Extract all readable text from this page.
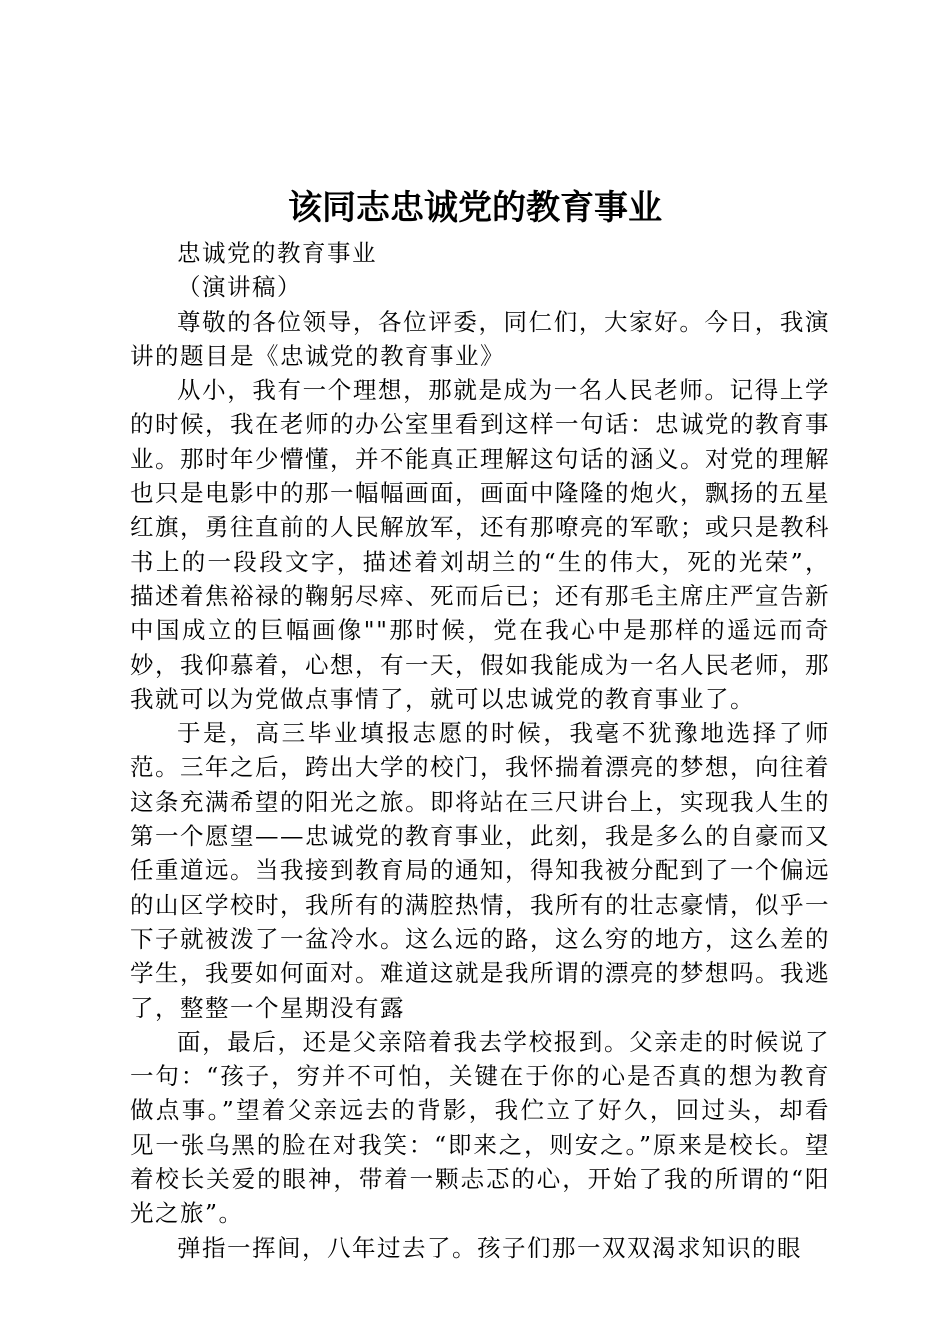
该同志忠诚党的教育事业

忠诚党的教育事业

（演讲稿）

尊敬的各位领导，各位评委，同仁们，大家好。今日，我演讲的题目是《忠诚党的教育事业》

从小，我有一个理想，那就是成为一名人民老师。记得上学的时候，我在老师的办公室里看到这样一句话：忠诚党的教育事业。那时年少懵懂，并不能真正理解这句话的涵义。对党的理解也只是电影中的那一幅幅画面，画面中隆隆的炮火，飘扬的五星红旗，勇往直前的人民解放军，还有那嘹亮的军歌；或只是教科书上的一段段文字，描述着刘胡兰的“生的伟大，死的光荣”，描述着焦裕禄的鞠躬尽瘁、死而后已；还有那毛主席庄严宣告新中国成立的巨幅画像""那时候，党在我心中是那样的遥远而奇妙，我仰慕着，心想，有一天，假如我能成为一名人民老师，那我就可以为党做点事情了，就可以忠诚党的教育事业了。

于是，高三毕业填报志愿的时候，我毫不犹豫地选择了师范。三年之后，跨出大学的校门，我怀揣着漂亮的梦想，向往着这条充满希望的阳光之旅。即将站在三尺讲台上，实现我人生的第一个愿望——忠诚党的教育事业，此刻，我是多么的自豪而又任重道远。当我接到教育局的通知，得知我被分配到了一个偏远的山区学校时，我所有的满腔热情，我所有的壮志豪情，似乎一下子就被泼了一盆冷水。这么远的路，这么穷的地方，这么差的学生，我要如何面对。难道这就是我所谓的漂亮的梦想吗。我逃了，整整一个星期没有露

面，最后，还是父亲陪着我去学校报到。父亲走的时候说了一句：“孩子，穷并不可怕，关键在于你的心是否真的想为教育做点事。”望着父亲远去的背影，我伫立了好久，回过头，却看见一张乌黑的脸在对我笑：“即来之，则安之。”原来是校长。望着校长关爱的眼神，带着一颗忐忑的心，开始了我的所谓的“阳光之旅”。

弹指一挥间，八年过去了。孩子们那一双双渴求知识的眼
